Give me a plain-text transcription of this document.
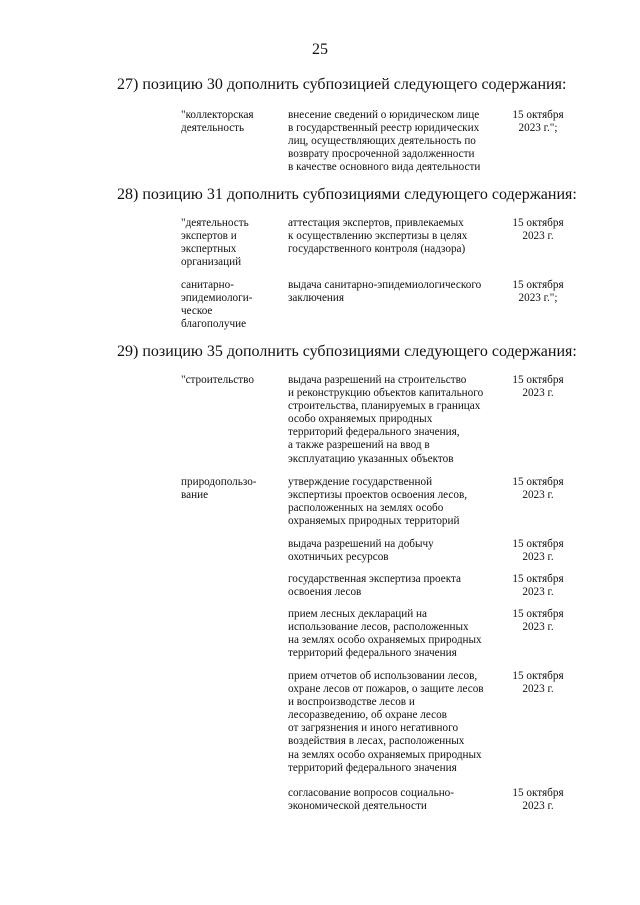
25
27) позицию 30 дополнить субпозицией следующего содержания:
"коллекторская
деятельность
внесение сведений о юридическом лице
в государственный реестр юридических
лиц, осуществляющих деятельность по
возврату просроченной задолженности
в качестве основного вида деятельности
15 октября
2023 г.";
28) позицию 31 дополнить субпозициями следующего содержания:
"деятельность
экспертов и
экспертных
организаций
аттестация экспертов, привлекаемых
к осуществлению экспертизы в целях
государственного контроля (надзора)
15 октября
2023 г.
санитарно-
эпидемиологи-
ческое
благополучие
выдача санитарно-эпидемиологического
заключения
15 октября
2023 г.";
29) позицию 35 дополнить субпозициями следующего содержания:
"строительство	выдача разрешений на строительство
и реконструкцию объектов капитального
строительства, планируемых в границах
особо охраняемых природных
территорий федерального значения,
а также разрешений на ввод в
эксплуатацию указанных объектов
15 октября
2023 г.
природопользо-
вание
утверждение государственной
экспертизы проектов освоения лесов,
расположенных на землях особо
охраняемых природных территорий
15 октября
2023 г.
выдача разрешений на добычу
охотничьих ресурсов
15 октября
2023 г.
государственная экспертиза проекта
освоения лесов
15 октября
2023 г.
прием лесных деклараций на
использование лесов, расположенных
на землях особо охраняемых природных
территорий федерального значения
15 октября
2023 г.
прием отчетов об использовании лесов,
охране лесов от пожаров, о защите лесов
и воспроизводстве лесов и
лесоразведению, об охране лесов
от загрязнения и иного негативного
воздействия в лесах, расположенных
на землях особо охраняемых природных
территорий федерального значения
15 октября
2023 г.
согласование вопросов социально-
экономической деятельности
15 октября
2023 г.
